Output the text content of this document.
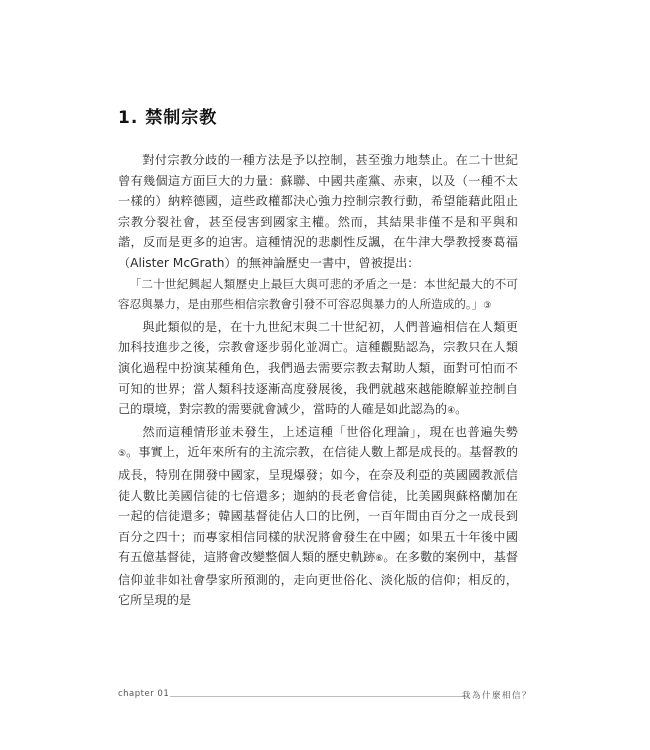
1. 禁制宗教

對付宗教分歧的一種方法是予以控制，甚至強力地禁止。在二十世紀曾有幾個這方面巨大的力量：蘇聯、中國共產黨、赤柬，以及（一種不太一樣的）納粹德國，這些政權都決心強力控制宗教行動，希望能藉此阻止宗教分裂社會，甚至侵害到國家主權。然而，其結果非僅不是和平與和諧，反而是更多的迫害。這種情況的悲劇性反諷，在牛津大學教授麥葛福（Alister McGrath）的無神論歷史一書中，曾被提出：

「二十世紀興起人類歷史上最巨大與可悲的矛盾之一是：本世紀最大的不可容忍與暴力，是由那些相信宗教會引發不可容忍與暴力的人所造成的。」③

與此類似的是，在十九世紀末與二十世紀初，人們普遍相信在人類更加科技進步之後，宗教會逐步弱化並凋亡。這種觀點認為，宗教只在人類演化過程中扮演某種角色，我們過去需要宗教去幫助人類，面對可怕而不可知的世界；當人類科技逐漸高度發展後，我們就越來越能瞭解並控制自己的環境，對宗教的需要就會減少，當時的人確是如此認為的④。

然而這種情形並未發生，上述這種「世俗化理論」，現在也普遍失勢⑤。事實上，近年來所有的主流宗教，在信徒人數上都是成長的。基督教的成長，特別在開發中國家，呈現爆發；如今，在奈及利亞的英國國教派信徒人數比美國信徒的七倍還多；迦納的長老會信徒，比美國與蘇格蘭加在一起的信徒還多；韓國基督徒佔人口的比例，一百年間由百分之一成長到百分之四十；而專家相信同樣的狀況將會發生在中國；如果五十年後中國有五億基督徒，這將會改變整個人類的歷史軌跡⑥。在多數的案例中，基督信仰並非如社會學家所預測的，走向更世俗化、淡化版的信仰；相反的，它所呈現的是

chapter 01	我為什麼相信？
